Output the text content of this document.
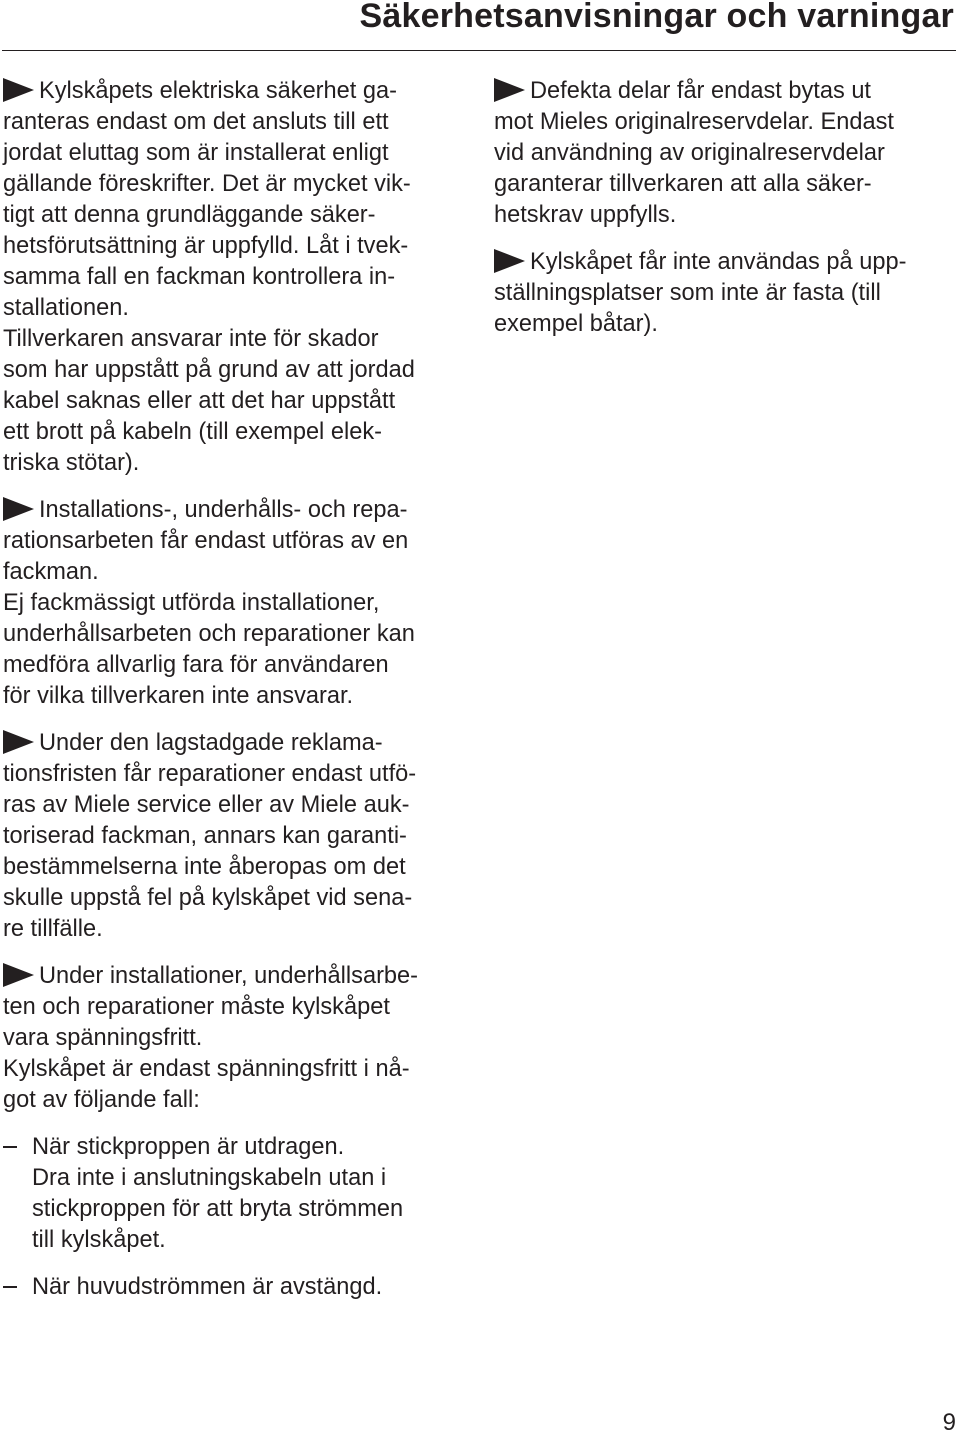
Säkerhetsanvisningar och varningar
Kylskåpets elektriska säkerhet ga-
ranteras endast om det ansluts till ett
jordat eluttag som är installerat enligt
gällande föreskrifter. Det är mycket vik-
tigt att denna grundläggande säker-
hetsförutsättning är uppfylld. Låt i tvek-
samma fall en fackman kontrollera in-
stallationen.
Tillverkaren ansvarar inte för skador
som har uppstått på grund av att jordad
kabel saknas eller att det har uppstått
ett brott på kabeln (till exempel elek-
triska stötar).
Installations-, underhålls- och repa-
rationsarbeten får endast utföras av en
fackman.
Ej fackmässigt utförda installationer,
underhållsarbeten och reparationer kan
medföra allvarlig fara för användaren
för vilka tillverkaren inte ansvarar.
Under den lagstadgade reklama-
tionsfristen får reparationer endast utfö-
ras av Miele service eller av Miele auk-
toriserad fackman, annars kan garanti-
bestämmelserna inte åberopas om det
skulle uppstå fel på kylskåpet vid sena-
re tillfälle.
Under installationer, underhållsarbe-
ten och reparationer måste kylskåpet
vara spänningsfritt.
Kylskåpet är endast spänningsfritt i nå-
got av följande fall:
När stickproppen är utdragen.
Dra inte i anslutningskabeln utan i
stickproppen för att bryta strömmen
till kylskåpet.
När huvudströmmen är avstängd.
Defekta delar får endast bytas ut
mot Mieles originalreservdelar. Endast
vid användning av originalreservdelar
garanterar tillverkaren att alla säker-
hetskrav uppfylls.
Kylskåpet får inte användas på upp-
ställningsplatser som inte är fasta (till
exempel båtar).
9
